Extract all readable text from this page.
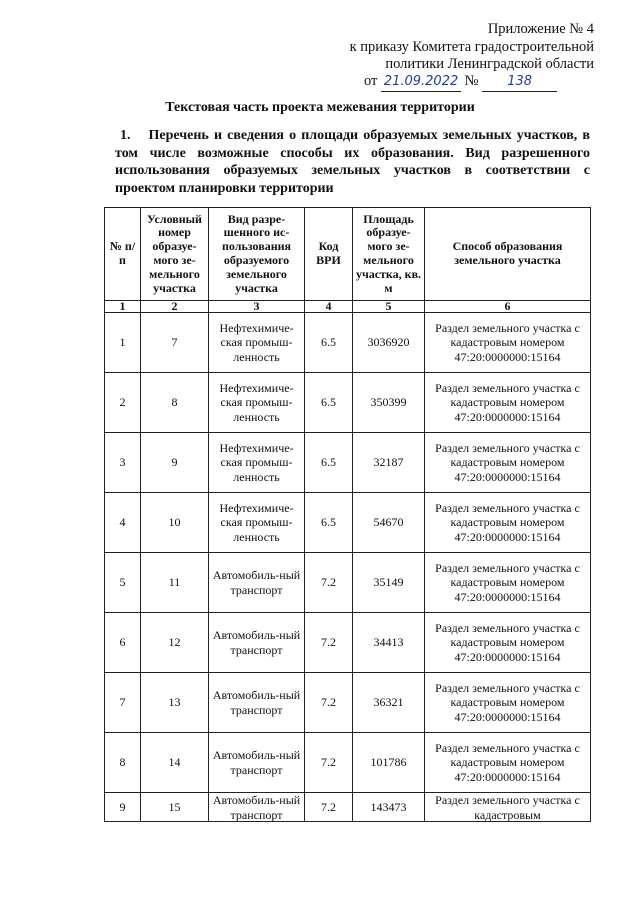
Приложение № 4
к приказу Комитета градостроительной
политики Ленинградской области
от 21.09.2022 № 138
Текстовая часть проекта межевания территории
1. Перечень и сведения о площади образуемых земельных участков, в том числе возможные способы их образования. Вид разрешенного использования образуемых земельных участков в соответствии с проектом планировки территории
№ п/п	Условный номер образуе-мого зе-мельного участка	Вид разре-шенного ис-пользования образуемого земельного участка	Код ВРИ	Площадь образуе-мого зе-мельного участка, кв. м	Способ образования земельного участка
1	2	3	4	5	6
1	7	Нефтехимиче-ская промыш-ленность	6.5	3036920	Раздел земельного участка с кадастровым номером 47:20:0000000:15164
2	8	Нефтехимиче-ская промыш-ленность	6.5	350399	Раздел земельного участка с кадастровым номером 47:20:0000000:15164
3	9	Нефтехимиче-ская промыш-ленность	6.5	32187	Раздел земельного участка с кадастровым номером 47:20:0000000:15164
4	10	Нефтехимиче-ская промыш-ленность	6.5	54670	Раздел земельного участка с кадастровым номером 47:20:0000000:15164
5	11	Автомобиль-ный транспорт	7.2	35149	Раздел земельного участка с кадастровым номером 47:20:0000000:15164
6	12	Автомобиль-ный транспорт	7.2	34413	Раздел земельного участка с кадастровым номером 47:20:0000000:15164
7	13	Автомобиль-ный транспорт	7.2	36321	Раздел земельного участка с кадастровым номером 47:20:0000000:15164
8	14	Автомобиль-ный транспорт	7.2	101786	Раздел земельного участка с кадастровым номером 47:20:0000000:15164
9	15	Автомобиль-ный транспорт	7.2	143473	Раздел земельного участка с кадастровым
